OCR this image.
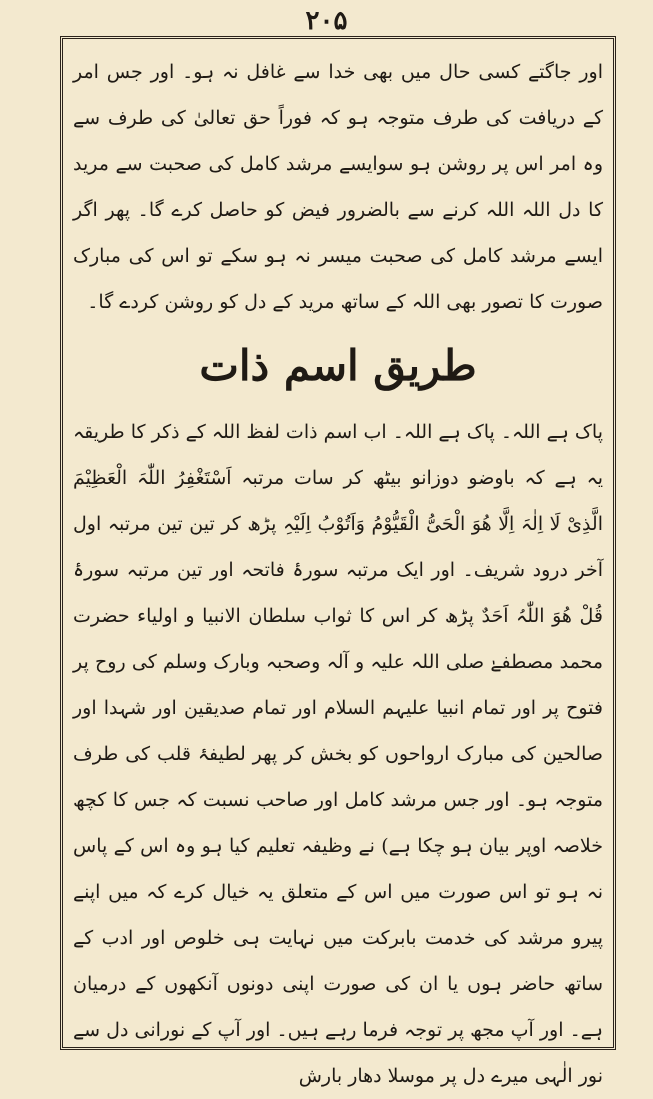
۲۰۵

اور جاگتے کسی حال میں بھی خدا سے غافل نہ ہو۔ اور جس امر کے دریافت کی طرف متوجہ ہو کہ فوراً حق تعالیٰ کی طرف سے وہ امر اس پر روشن ہو سوایسے مرشد کامل کی صحبت سے مرید کا دل اللہ اللہ کرنے سے بالضرور فیض کو حاصل کرے گا۔ پھر اگر ایسے مرشد کامل کی صحبت میسر نہ ہو سکے تو اس کی مبارک صورت کا تصور بھی اللہ کے ساتھ مرید کے دل کو روشن کردے گا۔

طریق اسم ذات

پاک ہے اللہ۔ پاک ہے اللہ۔ اب اسم ذات لفظ اللہ کے ذکر کا طریقہ یہ ہے کہ باوضو دوزانو بیٹھ کر سات مرتبہ اَسْتَغْفِرُ اللّٰہَ الْعَظِیْمَ الَّذِیْ لَا اِلٰہَ اِلَّا ھُوَ الْحَیُّ الْقَیُّوْمُ وَاَتُوْبُ اِلَیْہِ پڑھ کر تین تین مرتبہ اول آخر درود شریف۔ اور ایک مرتبہ سورۂ فاتحہ اور تین مرتبہ سورۂ قُلْ ھُوَ اللّٰہُ اَحَدٌ پڑھ کر اس کا ثواب سلطان الانبیا و اولیاء حضرت محمد مصطفےٰ صلی اللہ علیہ و آلہ وصحبہ وبارک وسلم کی روح پر فتوح پر اور تمام انبیا علیہم السلام اور تمام صدیقین اور شہدا اور صالحین کی مبارک ارواحوں کو بخش کر پھر لطیفۂ قلب کی طرف متوجہ ہو۔ اور جس مرشد کامل اور صاحب نسبت کہ جس کا کچھ خلاصہ اوپر بیان ہو چکا ہے) نے وظیفہ تعلیم کیا ہو وہ اس کے پاس نہ ہو تو اس صورت میں اس کے متعلق یہ خیال کرے کہ میں اپنے پیرو مرشد کی خدمت بابرکت میں نہایت ہی خلوص اور ادب کے ساتھ حاضر ہوں یا ان کی صورت اپنی دونوں آنکھوں کے درمیان ہے۔ اور آپ مجھ پر توجہ فرما رہے ہیں۔ اور آپ کے نورانی دل سے نور الٰہی میرے دل پر موسلا دھار بارش
